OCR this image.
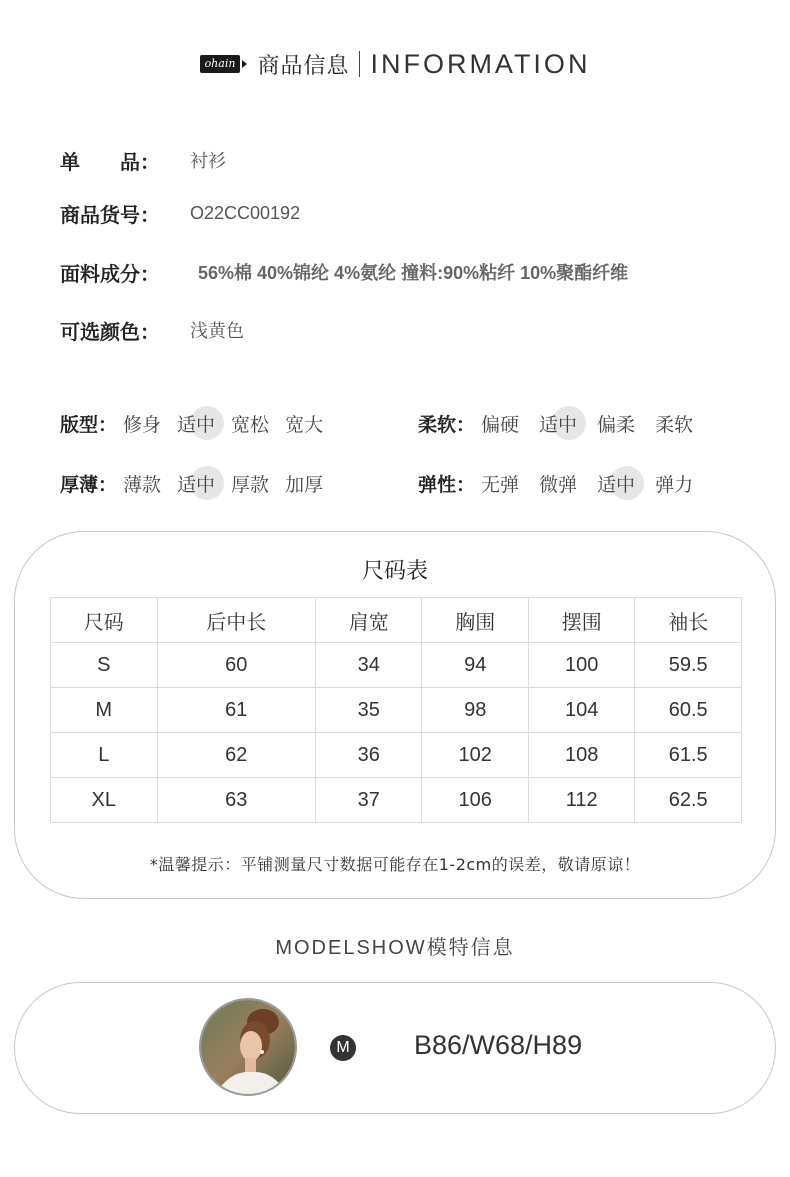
ohain 商品信息 INFORMATION
单　　品：	衬衫
商品货号：	O22CC00192
面料成分：	56%棉 40%锦纶 4%氨纶 撞料:90%粘纤 10%聚酯纤维
可选颜色：	浅黄色
版型： 修身 适中 宽松 宽大	柔软： 偏硬 适中 偏柔 柔软
厚薄： 薄款 适中 厚款 加厚	弹性： 无弹 微弹 适中 弹力
尺码表
尺码	后中长	肩宽	胸围	摆围	袖长
S	60	34	94	100	59.5
M	61	35	98	104	60.5
L	62	36	102	108	61.5
XL	63	37	106	112	62.5
*温馨提示：平铺测量尺寸数据可能存在1-2cm的误差，敬请原谅！
MODELSHOW模特信息
M B86/W68/H89
